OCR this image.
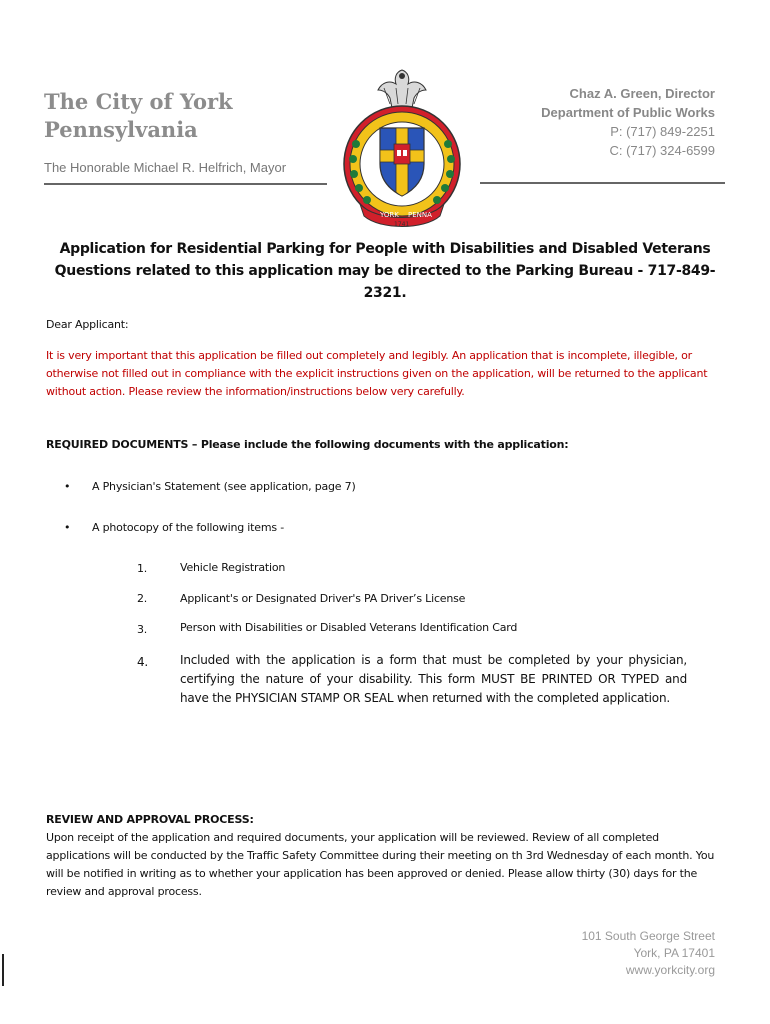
The City of York
Pennsylvania
The Honorable Michael R. Helfrich, Mayor
YORK PENNA
1741
Chaz A. Green, Director
Department of Public Works
P: (717) 849-2251
C: (717) 324-6599
Application for Residential Parking for People with Disabilities and Disabled Veterans
Questions related to this application may be directed to the Parking Bureau - 717-849-2321.
Dear Applicant:
It is very important that this application be filled out completely and legibly. An application that is incomplete, illegible, or otherwise not filled out in compliance with the explicit instructions given on the application, will be returned to the applicant without action. Please review the information/instructions below very carefully.
REQUIRED DOCUMENTS – Please include the following documents with the application:
• A Physician's Statement (see application, page 7)
• A photocopy of the following items -
1.	Vehicle Registration
2.	Applicant's or Designated Driver's PA Driver’s License
3.	Person with Disabilities or Disabled Veterans Identification Card
4.	Included with the application is a form that must be completed by your physician, certifying the nature of your disability. This form MUST BE PRINTED OR TYPED and have the PHYSICIAN STAMP OR SEAL when returned with the completed application.
REVIEW AND APPROVAL PROCESS:
Upon receipt of the application and required documents, your application will be reviewed. Review of all completed applications will be conducted by the Traffic Safety Committee during their meeting on th 3rd Wednesday of each month. You will be notified in writing as to whether your application has been approved or denied. Please allow thirty (30) days for the review and approval process.
101 South George Street
York, PA 17401
www.yorkcity.org
